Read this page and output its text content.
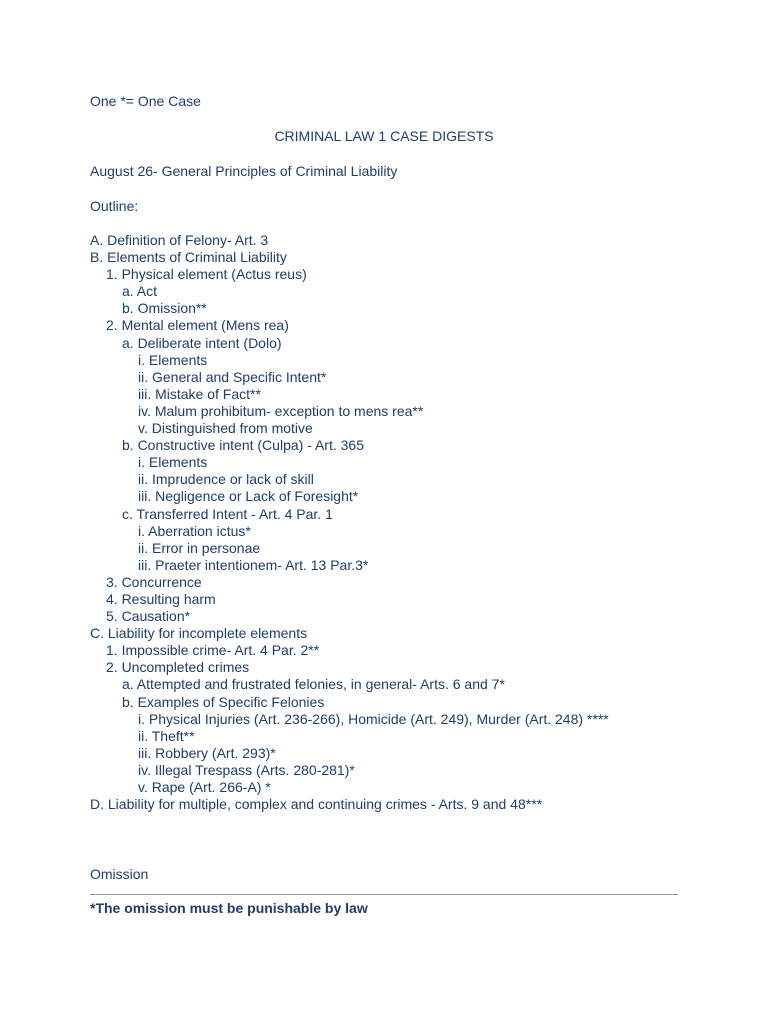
One *= One Case
CRIMINAL LAW 1 CASE DIGESTS
August 26- General Principles of Criminal Liability
Outline:
A. Definition of Felony- Art. 3
B. Elements of Criminal Liability
1. Physical element (Actus reus)
a. Act
b. Omission**
2. Mental element (Mens rea)
a. Deliberate intent (Dolo)
i. Elements
ii. General and Specific Intent*
iii. Mistake of Fact**
iv. Malum prohibitum- exception to mens rea**
v. Distinguished from motive
b. Constructive intent (Culpa) - Art. 365
i. Elements
ii. Imprudence or lack of skill
iii. Negligence or Lack of Foresight*
c. Transferred Intent - Art. 4 Par. 1
i. Aberration ictus*
ii. Error in personae
iii. Praeter intentionem- Art. 13 Par.3*
3. Concurrence
4. Resulting harm
5. Causation*
C. Liability for incomplete elements
1. Impossible crime- Art. 4 Par. 2**
2. Uncompleted crimes
a. Attempted and frustrated felonies, in general- Arts. 6 and 7*
b. Examples of Specific Felonies
i. Physical Injuries (Art. 236-266), Homicide (Art. 249), Murder (Art. 248) ****
ii. Theft**
iii. Robbery (Art. 293)*
iv. Illegal Trespass (Arts. 280-281)*
v. Rape (Art. 266-A) *
D. Liability for multiple, complex and continuing crimes - Arts. 9 and 48***
Omission
*The omission must be punishable by law
